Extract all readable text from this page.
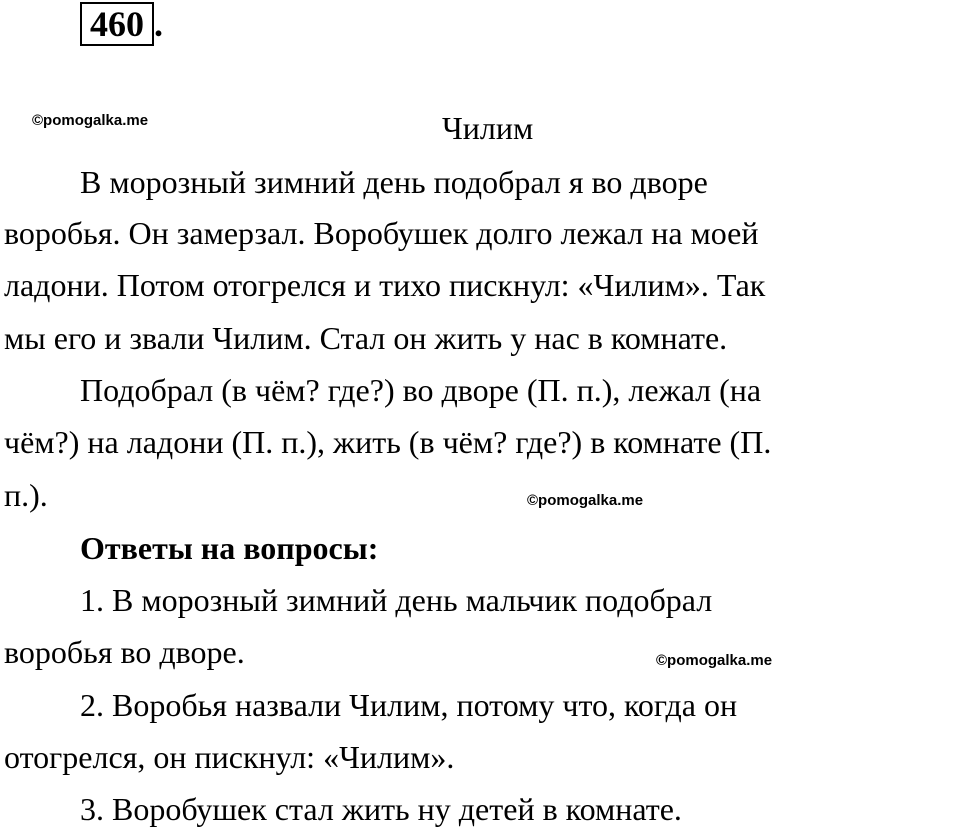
460 .
©pomogalka.me	Чилим
В морозный зимний день подобрал я во дворе
воробья. Он замерзал. Воробушек долго лежал на моей
ладони. Потом отогрелся и тихо пискнул: «Чилим». Так
мы его и звали Чилим. Стал он жить у нас в комнате.
Подобрал (в чём? где?) во дворе (П. п.), лежал (на
чём?) на ладони (П. п.), жить (в чём? где?) в комнате (П.
п.).	©pomogalka.me
Ответы на вопросы:
1. В морозный зимний день мальчик подобрал
воробья во дворе.	©pomogalka.me
2. Воробья назвали Чилим, потому что, когда он
отогрелся, он пискнул: «Чилим».
3. Воробушек стал жить ну детей в комнате.
